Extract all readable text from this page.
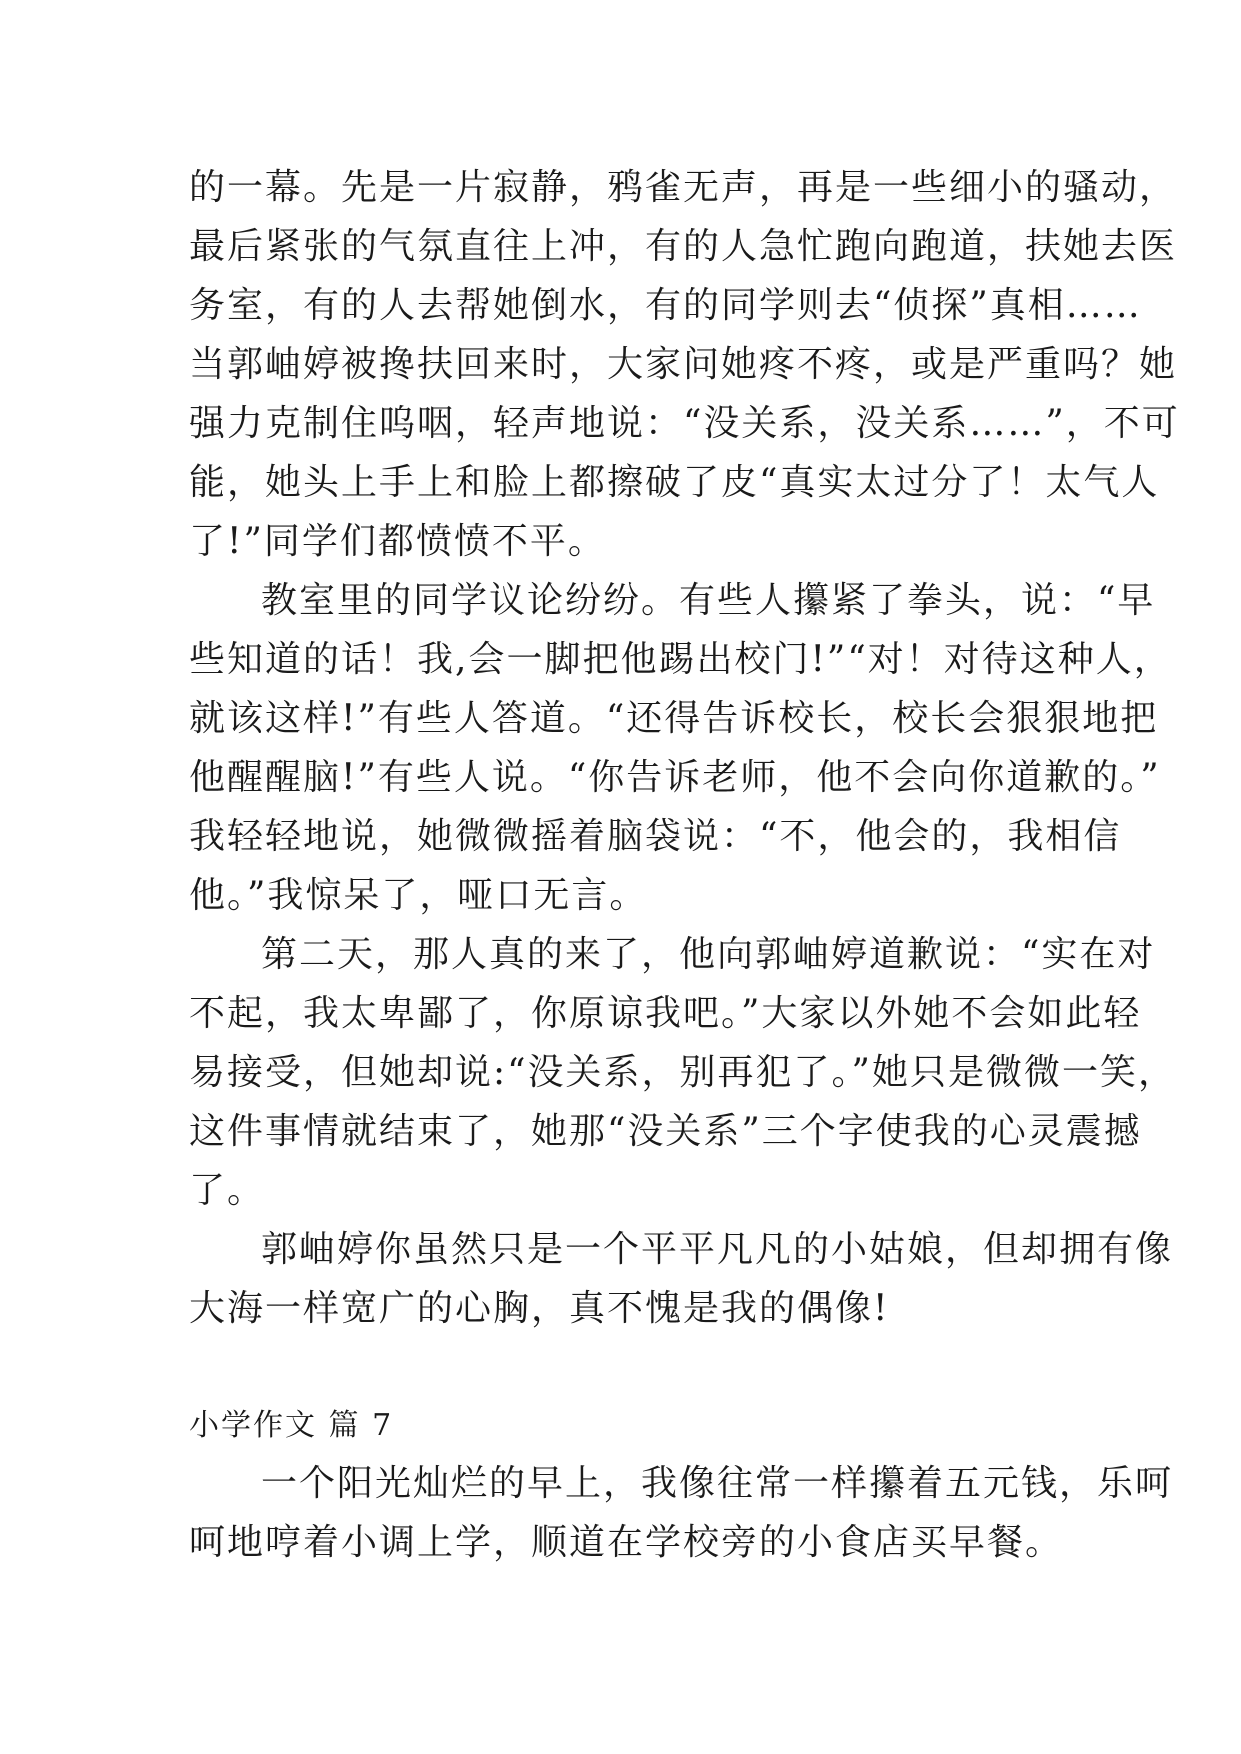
的一幕。先是一片寂静，鸦雀无声，再是一些细小的骚动，
最后紧张的气氛直往上冲，有的人急忙跑向跑道，扶她去医
务室，有的人去帮她倒水，有的同学则去“侦探”真相……
当郭岫婷被搀扶回来时，大家问她疼不疼，或是严重吗？她
强力克制住呜咽，轻声地说：“没关系，没关系……”，不可
能，她头上手上和脸上都擦破了皮“真实太过分了！太气人
了!”同学们都愤愤不平。
教室里的同学议论纷纷。有些人攥紧了拳头，说：“早
些知道的话！我,会一脚把他踢出校门!”“对！对待这种人，
就该这样!”有些人答道。“还得告诉校长，校长会狠狠地把
他醒醒脑!”有些人说。“你告诉老师，他不会向你道歉的。”
我轻轻地说，她微微摇着脑袋说：“不，他会的，我相信
他。”我惊呆了，哑口无言。
第二天，那人真的来了，他向郭岫婷道歉说：“实在对
不起，我太卑鄙了，你原谅我吧。”大家以外她不会如此轻
易接受，但她却说:“没关系，别再犯了。”她只是微微一笑，
这件事情就结束了，她那“没关系”三个字使我的心灵震撼
了。
郭岫婷你虽然只是一个平平凡凡的小姑娘，但却拥有像
大海一样宽广的心胸，真不愧是我的偶像!
小学作文 篇 7
一个阳光灿烂的早上，我像往常一样攥着五元钱，乐呵
呵地哼着小调上学，顺道在学校旁的小食店买早餐。
